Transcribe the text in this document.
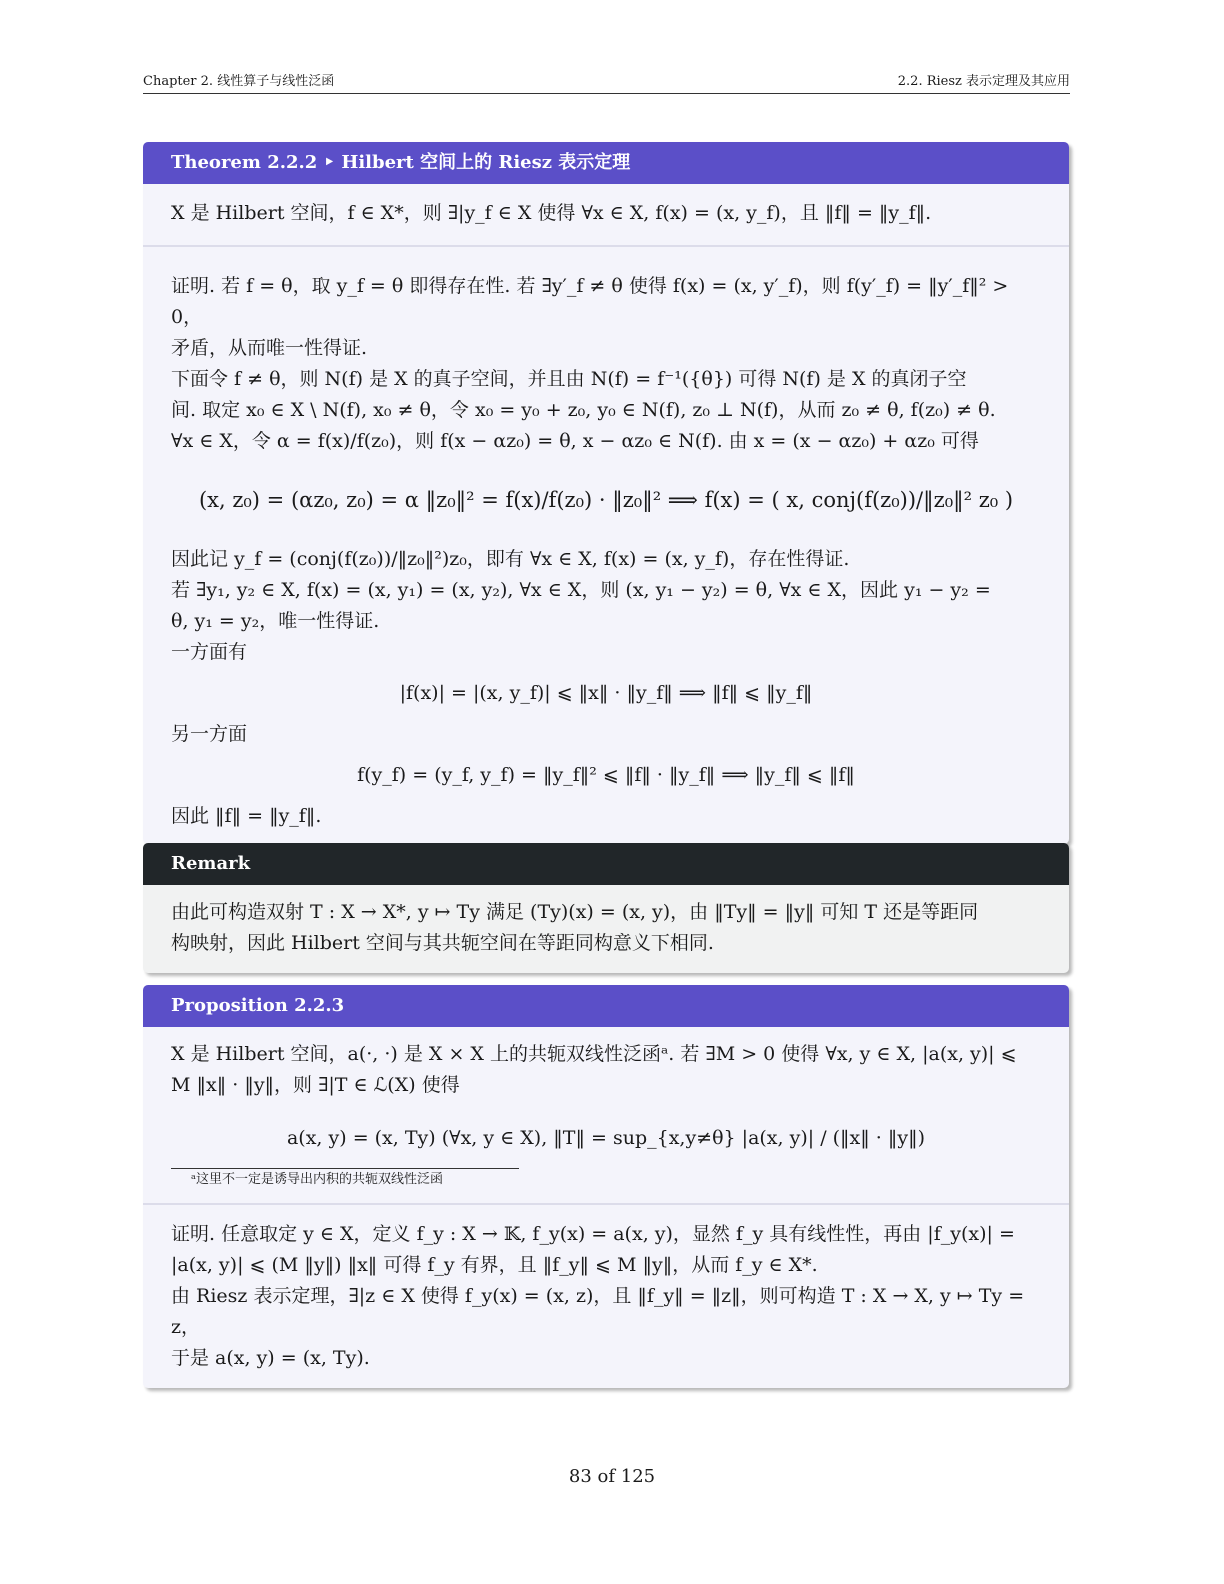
Chapter 2. 线性算子与线性泛函	2.2. Riesz 表示定理及其应用
Theorem 2.2.2 ‣ Hilbert 空间上的 Riesz 表示定理
X 是 Hilbert 空间，f ∈ X*，则 ∃|y_f ∈ X 使得 ∀x ∈ X, f(x) = (x, y_f)，且 ‖f‖ = ‖y_f‖.
证明. 若 f = θ，取 y_f = θ 即得存在性. 若 ∃y′_f ≠ θ 使得 f(x) = (x, y′_f)，则 f(y′_f) = ‖y′_f‖² > 0，
矛盾，从而唯一性得证.
下面令 f ≠ θ，则 N(f) 是 X 的真子空间，并且由 N(f) = f⁻¹({θ}) 可得 N(f) 是 X 的真闭子空
间. 取定 x₀ ∈ X \ N(f), x₀ ≠ θ，令 x₀ = y₀ + z₀, y₀ ∈ N(f), z₀ ⊥ N(f)，从而 z₀ ≠ θ, f(z₀) ≠ θ.
∀x ∈ X，令 α = f(x)/f(z₀)，则 f(x − αz₀) = θ, x − αz₀ ∈ N(f). 由 x = (x − αz₀) + αz₀ 可得
(x, z₀) = (αz₀, z₀) = α ‖z₀‖² = f(x)/f(z₀) · ‖z₀‖² ⟹ f(x) = ( x, conj(f(z₀))/‖z₀‖² z₀ )
因此记 y_f = (conj(f(z₀))/‖z₀‖²)z₀，即有 ∀x ∈ X, f(x) = (x, y_f)，存在性得证.
若 ∃y₁, y₂ ∈ X, f(x) = (x, y₁) = (x, y₂), ∀x ∈ X，则 (x, y₁ − y₂) = θ, ∀x ∈ X，因此 y₁ − y₂ =
θ, y₁ = y₂，唯一性得证.
一方面有
|f(x)| = |(x, y_f)| ⩽ ‖x‖ · ‖y_f‖ ⟹ ‖f‖ ⩽ ‖y_f‖
另一方面
f(y_f) = (y_f, y_f) = ‖y_f‖² ⩽ ‖f‖ · ‖y_f‖ ⟹ ‖y_f‖ ⩽ ‖f‖
因此 ‖f‖ = ‖y_f‖.
Remark
由此可构造双射 T : X → X*, y ↦ Ty 满足 (Ty)(x) = (x, y)，由 ‖Ty‖ = ‖y‖ 可知 T 还是等距同
构映射，因此 Hilbert 空间与其共轭空间在等距同构意义下相同.
Proposition 2.2.3
X 是 Hilbert 空间，a(·, ·) 是 X × X 上的共轭双线性泛函ᵃ. 若 ∃M > 0 使得 ∀x, y ∈ X, |a(x, y)| ⩽
M ‖x‖ · ‖y‖，则 ∃|T ∈ ℒ(X) 使得
a(x, y) = (x, Ty) (∀x, y ∈ X), ‖T‖ = sup_{x,y≠θ} |a(x, y)| / (‖x‖ · ‖y‖)
ᵃ这里不一定是诱导出内积的共轭双线性泛函
证明. 任意取定 y ∈ X，定义 f_y : X → 𝕂, f_y(x) = a(x, y)，显然 f_y 具有线性性，再由 |f_y(x)| =
|a(x, y)| ⩽ (M ‖y‖) ‖x‖ 可得 f_y 有界，且 ‖f_y‖ ⩽ M ‖y‖，从而 f_y ∈ X*.
由 Riesz 表示定理，∃|z ∈ X 使得 f_y(x) = (x, z)，且 ‖f_y‖ = ‖z‖，则可构造 T : X → X, y ↦ Ty = z，
于是 a(x, y) = (x, Ty).
83 of 125
